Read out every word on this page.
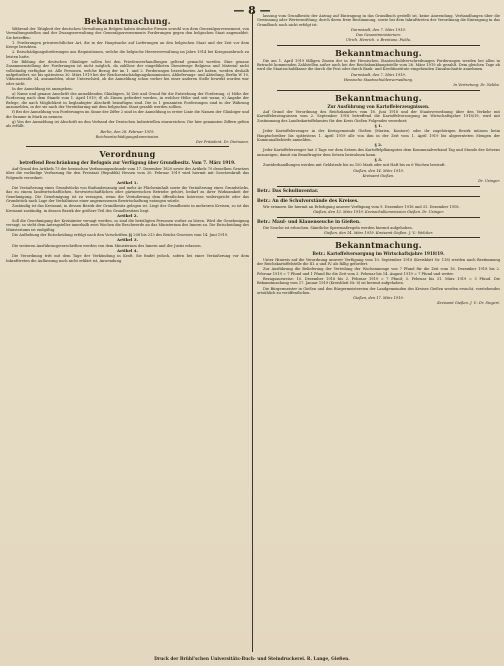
— 8 —
Bekanntmachung.

Während der Tätigkeit der deutschen Verwaltung in Belgien haben deutsche Firmen sowohl von dem Generalgouvernement, von Verwaltungsstellen und der Zwangsverwaltung des Generalgouvernements Forderungen gegen den belgischen Staat angemeldet. Sie betreffen:

1. Forderungen privatrechtlicher Art, die in der Hauptsache auf Lieferungen an den belgischen Staat und der Zeit vor dem Kriege beruhten.

2. Entschädigungsforderungen aus Requisitionen, welche die belgische Heeresverwaltung im Jahre 1914 bei Kriegsausbruch zu leisten hatte.

Die Bildung der deutschen Gläubiger sollen bei den Friedensverhandlungen geltend gemacht werden. Eine genaue Zusammenstellung der Forderungen ist nicht möglich, da zahllose der eingeführten Dienstwege Belgiens und Material nicht vollständig verfügbar ist. Alle Personen, welche Bezug der im 1. und 2. Forderungen bezeichneten Art haben, werden deshalb aufgefordert, sie bis spätestens 30. März 1919 bei der Reichsentschädigungskommission, Ablieferungs- und Abteilung, Berlin W 10, Viktoriastraße 34, anzumelden, ohne Unterschied, ob die Anmeldung schon vorher bei einer anderen Stelle bewirkt worden war oder nicht.

In der Anmeldung ist anzugeben:

a) Name und genaue Anschrift des anmeldenden Gläubigers, b) Zeit und Grund für die Entstehung der Forderung, c) Höhe der Forderung nach dem Stande vom 1. April 1919; d) ob Zinsen gefordert werden, in welcher Höhe und seit wann; e) Angabe der Belege, die nach Möglichkeit in beglaubigter Abschrift beizufügen sind. Die in 1 genannten Forderungen sind in der Währung anzumelden, in der sie nach der Vereinbarung mit dem belgischen Staat gezahlt werden sollten.

f) Bei der Anmeldung von Forderungen im Sinne der Ziffer 2 sind in der Anmeldung in erster Linie die Namen der Gläubiger und die Summe in Mark zu nennen.

g) Von der Anmeldung ist Abschrift an den Verband der Deutschen Industriellen einzureichen. Die hier genannten Ziffern gelten als erfüllt.

Berlin, den 28. Februar 1919.
Reichsentschädigungskommission.
Der Präsident. Dr. Dietmann.
Verordnung
betreffend Beschränkung der Befugnis zur Verfügung über Grundbesitz. Vom 7. März 1919.

Auf Grund des Artikels 73 der hessischen Verfassungsurkunde vom 17. Dezember 1820 sowie des Artikels 70 desselben Gesetzes über die vorläufige Verfassung für den Freistaat (Republik) Hessen vom 20. Februar 1919 wird hiermit mit Gesetzeskraft das Folgende verordnet:

Artikel 1.

Die Veräußerung eines Grundstücks von fünfundzwanzig und mehr Ar Flächeninhalt sowie die Veräußerung eines Grundstücks, das zu einem landwirtschaftlichen, forstwirtschaftlichen oder gärtnerischen Betriebe gehört, bedarf zu ihrer Wirksamkeit der Genehmigung. Die Genehmigung ist zu versagen, wenn die Veräußerung dem öffentlichen Interesse widerspricht oder das Grundstück nach Lage der Verhältnisse einer angemessenen Bewirtschaftung entzogen würde.

Zuständig ist das Kreisamt, in dessen Bezirk der Grundbesitz gelegen ist. Liegt der Grundbesitz in mehreren Kreisen, so ist das Kreisamt zuständig, in dessen Bezirk der größere Teil des Grundbesitzes liegt.

Artikel 2.

Soll die Genehmigung der Kreisämter versagt werden, so sind die beteiligten Personen vorher zu hören. Wird die Genehmigung versagt, so steht dem Antragsteller innerhalb zwei Wochen die Beschwerde an das Ministerium des Innern zu. Die Entscheidung des Ministeriums ist endgültig.

Die Aufhebung der Entscheidung erfolgt nach den Vorschriften §§ 208 bis 213 des Reichs-Gesetzes vom 14. Juni 1919.

Artikel 3.

Die weiteren Ausführungsvorschriften werden von dem Ministerium des Innern und der Justiz erlassen.

Artikel 4.

Die Verordnung tritt mit dem Tage der Verkündung in Kraft. Sie findet jedoch, sofern bei einer Veräußerung vor dem Inkrafttreten die Auflassung noch nicht erklärt ist, Anwendung.

lassung vom Grundbesitz der Antrag auf Eintragung in das Grundbuch gestellt ist, keine Anwendung. Verhandlungen über die Gewinnung oder Wertermittlung, durch deren freie Bestimmung, sowie bei dem Inkrafttreten der Verordnung die Eintragung in das Grundbuch noch nicht erfolgt ist.

Darmstadt, den 7. März 1919.
Das Gesamtministerium:
Ulrich. Henrich. v. Brentano. Fulda.
Bekanntmachung.

Die am 1. April 1919 fälligen Zinsen der in der Hessischen Staatsschuldverschreibungen Forderungen werden bei allen in Betracht kommenden Zahlstellen außer auch bei der Reichsbankhauptstelle vom 26. März 1919 ab gezahlt. Dem gleichen Tage ab wird die Staatsschuldkasse die durch die Post oder durch Bank- und Kreditinstitute eingehenden Zinsabschnitte annehmen.

Darmstadt, den 7. März 1919.
Hessische Staatsschuldenverwaltung.
In Vertretung: Dr. Nebbe.
Bekanntmachung.
Zur Ausführung von Kartoffelerzeugnissen.

Auf Grund der Verordnung des Reichskanzlers vom 18. Juni 1918 und der Staatsverordnung über den Verkehr mit Kartoffelerzeugnissen vom 2. September 1918 betreffend die Kartoffelversorgung im Wirtschaftsjahre 1918/19, wird mit Zustimmung des Landeskartoffelamtes für den Kreis Gießen Folgendes verordnet:

§ 1.

Jeder Kartoffelerzeuger in der Kreisgemeinde Gießen (Marien, Kontore) oder ihr zugehörigen Bezirk müssen beim Hauptschreiber bis spätestens 1. April 1919 alle von ihm in der Zeit vom 1. April 1919 bis abgeernteten Mengen der Kommunalbehörde anmelden.

§ 2.

Jeder Kartoffelerzeuger hat 3 Tage vor dem Setzen des Kartoffelpflanzgutes dem Kommunalverband Tag und Stunde des Setzens anzuzeigen, damit ein Beauftragter dem Setzen beiwohnen kann.

§ 3.

Zuwiderhandlungen werden mit Geldstrafe bis zu 150 Mark oder mit Haft bis zu 6 Wochen bestraft.

Gießen, den 14. März 1919.
Kreisamt Gießen.
Dr. Usinger.
Betr.: Das Schulinventar.
Betr.: An die Schulvorstände des Kreises.

Wir erinnern Sie hiermit an Erledigung unserer Verfügung vom 9. Dezember 1918 und 31. Dezember 1918.

Gießen, den 13. März 1919. Kreisschulkommission Gießen. Dr. Usinger.
Betr.: Maul- und Klauenseuche in Gießen.

Die Seuche ist erloschen. Sämtliche Sperrmaßregeln werden hiermit aufgehoben.

Gießen, den 14. März 1919. Kreisamt Gießen. J. V.: Welcker.
Bekanntmachung.
Betr.: Kartoffelversorgung im Wirtschaftsjahre 1918/19.

Unter Hinweis auf die Verordnung unserer Verfügung vom 10. September 1918 (Kreisblatt Nr. 118) werden nach Bestimmung der Reichskartoffelstelle die III. a und IV. als fällig gefordert.

Zur Ausführung die Belieferung der Verteilung der Wochenmenge von 7 Pfund für die Zeit vom 16. Dezember 1918 bis 2. Februar 1919 = 7 Pfund und 1 Pfund für die Zeit vom 3. Februar bis 14. August 1919 = 7 Pfund und weiter.

Bezugsausweise: 10. Dezember 1918 bis 2. Februar 1919 = 7 Pfund; 3. Februar bis 31. März 1919 = 5 Pfund. Die Bekanntmachung vom 17. Januar 1919 (Kreisblatt Nr. 8) ist hiermit aufgehoben.

Die Bürgermeister in Gießen und den Bürgermeistereien der Landgemeinden des Kreises Gießen werden ersucht, vorstehendes ortsüblich zu veröffentlichen.

Gießen, den 17. März 1919.
Kreisamt Gießen. J. V.: Dr. Siegert.
Druck der Brühl'schen Universitäts-Buch- und Steindruckerei. R. Lange, Gießen.
